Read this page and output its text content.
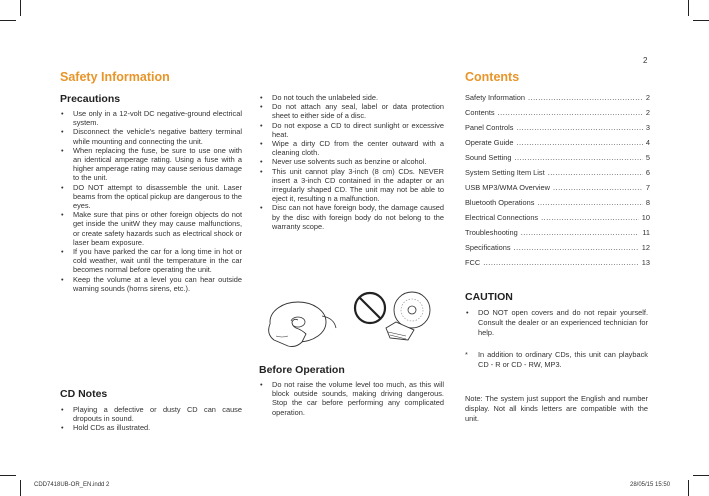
2
Safety Information
Precautions
• Use only in a 12-volt DC negative-ground electrical system.
• Disconnect the vehicle's negative battery terminal while mounting and connecting the unit.
• When replacing the fuse, be sure to use one with an identical amperage rating. Using a fuse with a higher amperage rating may cause serious damage to the unit.
• DO NOT attempt to disassemble the unit. Laser beams from the optical pickup are dangerous to the eyes.
• Make sure that pins or other foreign objects do not get inside the unitW they may cause malfunctions, or create safety hazards such as electrical shock or laser beam exposure.
• If you have parked the car for a long time in hot or cold weather, wait until the temperature in the car becomes normal before operating the unit.
• Keep the volume at a level you can hear outside warning sounds (horns sirens, etc.).
CD Notes
• Playing a defective or dusty CD can cause dropouts in sound.
• Hold CDs as illustrated.
• Do not touch the unlabeled side.
• Do not attach any seal, label or data protection sheet to either side of a disc.
• Do not expose a CD to direct sunlight or excessive heat.
• Wipe a dirty CD from the center outward with a cleaning cloth.
• Never use solvents such as benzine or alcohol.
• This unit cannot play 3-inch (8 cm) CDs. NEVER insert a 3-inch CD contained in the adapter or an irregularly shaped CD. The unit may not be able to eject it, resulting n a malfunction.
• Disc can not have foreign body, the damage caused by the disc with foreign body do not belong to the warranty scope.
Before Operation
• Do not raise the volume level too much, as this will block outside sounds, making driving dangerous. Stop the car before performing any complicated operation.
Contents
Safety Information .....	2
Contents .....	2
Panel Controls .....	3
Operate Guide .....	4
Sound Setting .....	5
System Setting Item List .....	6
USB MP3/WMA Overview .....	7
Bluetooth Operations .....	8
Electrical Connections .....	10
Troubleshooting .....	11
Specifications .....	12
FCC .....	13
CAUTION
• DO NOT open covers and do not repair yourself. Consult the dealer or an experienced technician for help.
* In addition to ordinary CDs, this unit can playback CD - R or CD - RW, MP3.
Note: The system just support the English and number display. Not all kinds letters are compatible with the unit.
CDD7418UB-OR_EN.indd 2	28/05/15 15:50
